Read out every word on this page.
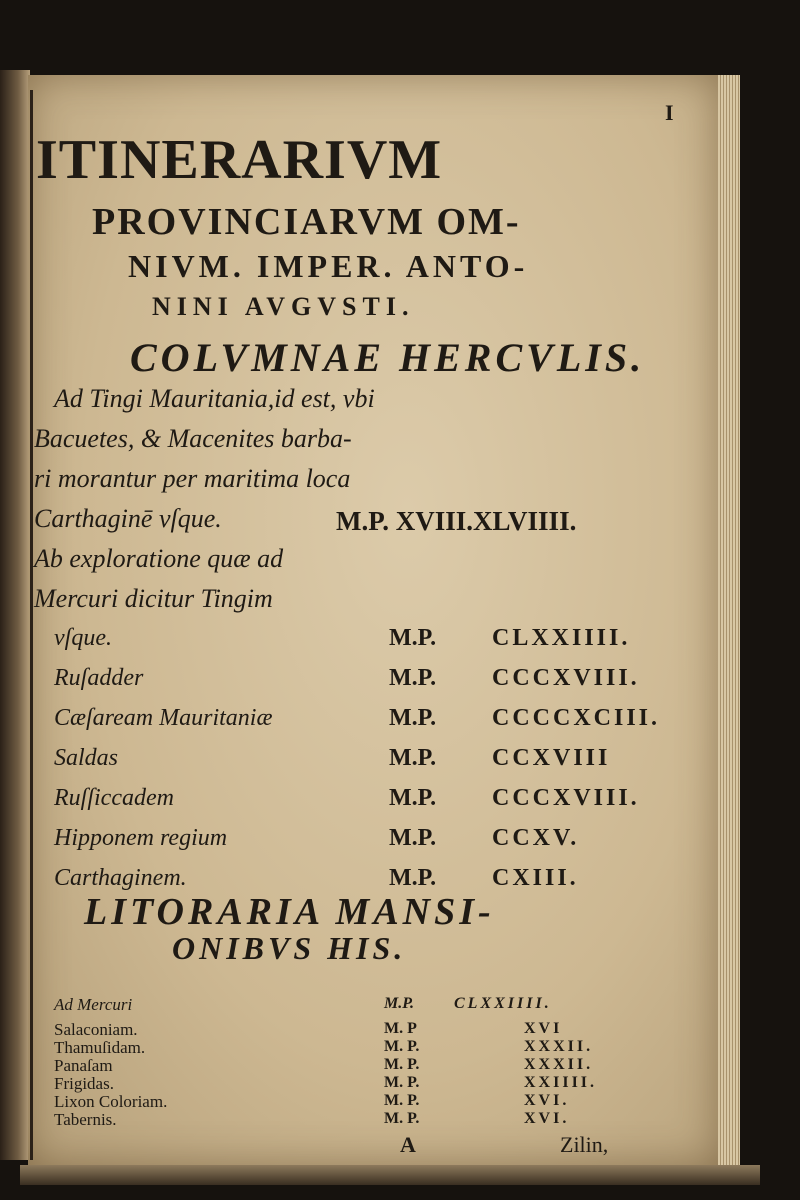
I
ITINERARIVM
PROVINCIARVM OM-
NIVM. IMPER. ANTO-
NINI AVGVSTI.
COLVMNAE HERCVLIS.
Ad Tingi Mauritania,id est, vbi
Bacuetes, & Macenites barba-
ri morantur per maritima loca
Carthaginē vſque.	M.P. XVIII.XLVIIII.
Ab exploratione quæ ad
Mercuri dicitur Tingim
vſque.	M.P. CLXXIIII.
Ruſadder	M.P. CCCXVIII.
Cæſaream Mauritaniæ	M.P. CCCCXCIII.
Saldas	M.P. CCXVIII
Ruſſiccadem	M.P. CCCXVIII.
Hipponem regium	M.P. CCXV.
Carthaginem.	M.P. CXIII.
LITORARIA MANSI-
ONIBVS HIS.
Ad Mercuri	M.P.	CLXXIIII.
Salaconiam.	M. P	XVI
Thamuſidam.	M. P.	XXXII.
Panaſam	M. P.	XXXII.
Frigidas.	M. P.	XXIIII.
Lixon Coloriam.	M. P.	XVI.
Tabernis.	M. P.	XVI.
A	Zilin,
